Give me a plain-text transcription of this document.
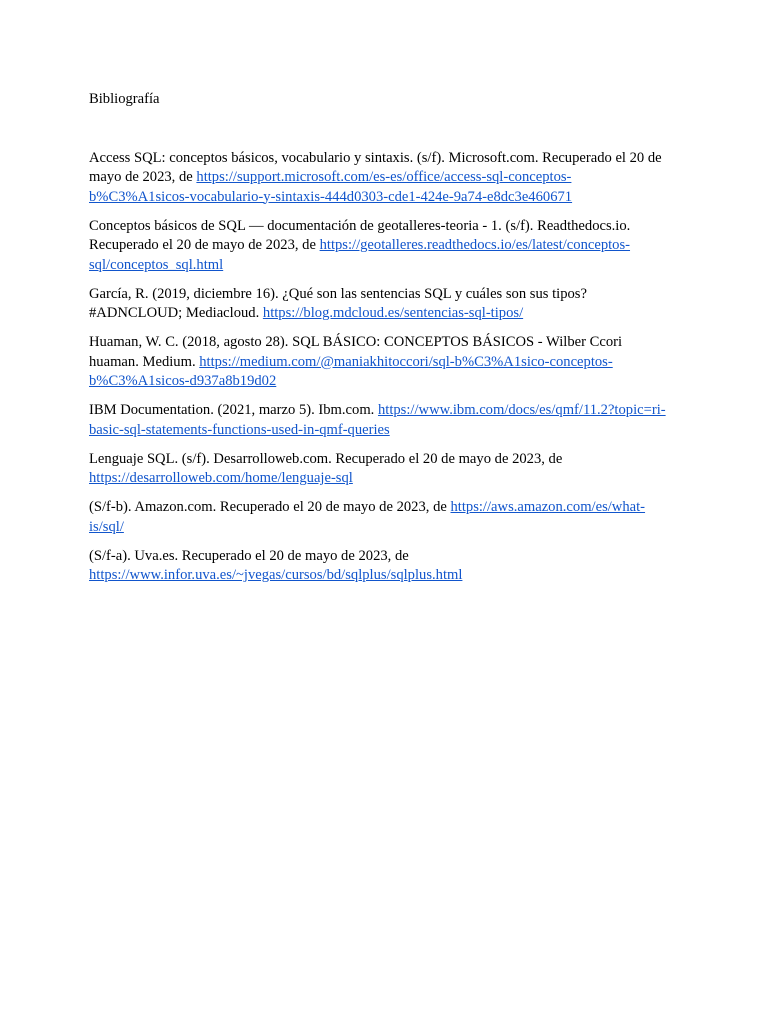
Bibliografía

Access SQL: conceptos básicos, vocabulario y sintaxis. (s/f). Microsoft.com. Recuperado el 20 de mayo de 2023, de https://support.microsoft.com/es-es/office/access-sql-conceptos-b%C3%A1sicos-vocabulario-y-sintaxis-444d0303-cde1-424e-9a74-e8dc3e460671

Conceptos básicos de SQL — documentación de geotalleres-teoria - 1. (s/f). Readthedocs.io. Recuperado el 20 de mayo de 2023, de https://geotalleres.readthedocs.io/es/latest/conceptos-sql/conceptos_sql.html

García, R. (2019, diciembre 16). ¿Qué son las sentencias SQL y cuáles son sus tipos? #ADNCLOUD; Mediacloud. https://blog.mdcloud.es/sentencias-sql-tipos/

Huaman, W. C. (2018, agosto 28). SQL BÁSICO: CONCEPTOS BÁSICOS - Wilber Ccori huaman. Medium. https://medium.com/@maniakhitoccori/sql-b%C3%A1sico-conceptos-b%C3%A1sicos-d937a8b19d02

IBM Documentation. (2021, marzo 5). Ibm.com. https://www.ibm.com/docs/es/qmf/11.2?topic=ri-basic-sql-statements-functions-used-in-qmf-queries

Lenguaje SQL. (s/f). Desarrolloweb.com. Recuperado el 20 de mayo de 2023, de https://desarrolloweb.com/home/lenguaje-sql

(S/f-b). Amazon.com. Recuperado el 20 de mayo de 2023, de https://aws.amazon.com/es/what-is/sql/

(S/f-a). Uva.es. Recuperado el 20 de mayo de 2023, de https://www.infor.uva.es/~jvegas/cursos/bd/sqlplus/sqlplus.html
